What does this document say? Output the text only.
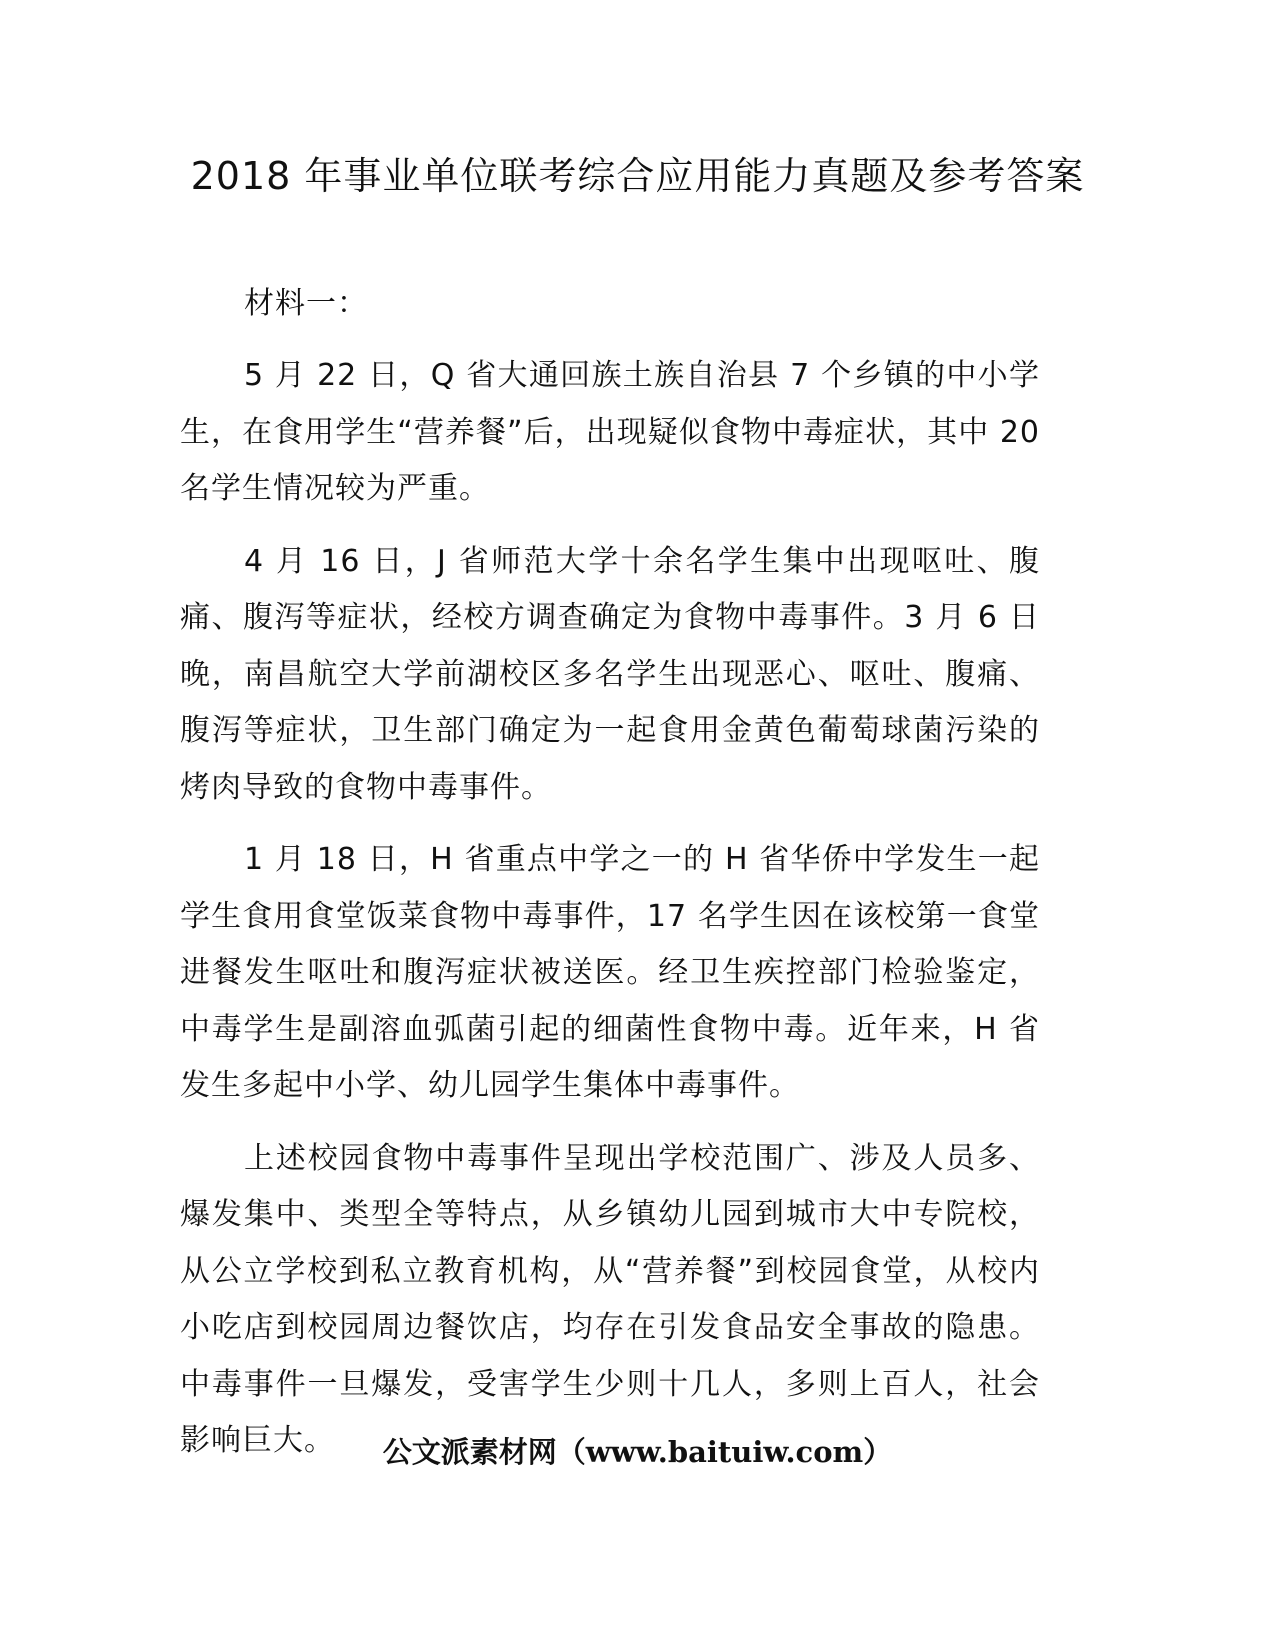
2018 年事业单位联考综合应用能力真题及参考答案

材料一：

5 月 22 日，Q 省大通回族土族自治县 7 个乡镇的中小学生，在食用学生“营养餐”后，出现疑似食物中毒症状，其中 20 名学生情况较为严重。

4 月 16 日，J 省师范大学十余名学生集中出现呕吐、腹痛、腹泻等症状，经校方调查确定为食物中毒事件。3 月 6 日晚，南昌航空大学前湖校区多名学生出现恶心、呕吐、腹痛、腹泻等症状，卫生部门确定为一起食用金黄色葡萄球菌污染的烤肉导致的食物中毒事件。

1 月 18 日，H 省重点中学之一的 H 省华侨中学发生一起学生食用食堂饭菜食物中毒事件，17 名学生因在该校第一食堂进餐发生呕吐和腹泻症状被送医。经卫生疾控部门检验鉴定，中毒学生是副溶血弧菌引起的细菌性食物中毒。近年来，H 省发生多起中小学、幼儿园学生集体中毒事件。

上述校园食物中毒事件呈现出学校范围广、涉及人员多、爆发集中、类型全等特点，从乡镇幼儿园到城市大中专院校，从公立学校到私立教育机构，从“营养餐”到校园食堂，从校内小吃店到校园周边餐饮店，均存在引发食品安全事故的隐患。中毒事件一旦爆发，受害学生少则十几人，多则上百人，社会影响巨大。	公文派素材网（www.baituiw.com）
